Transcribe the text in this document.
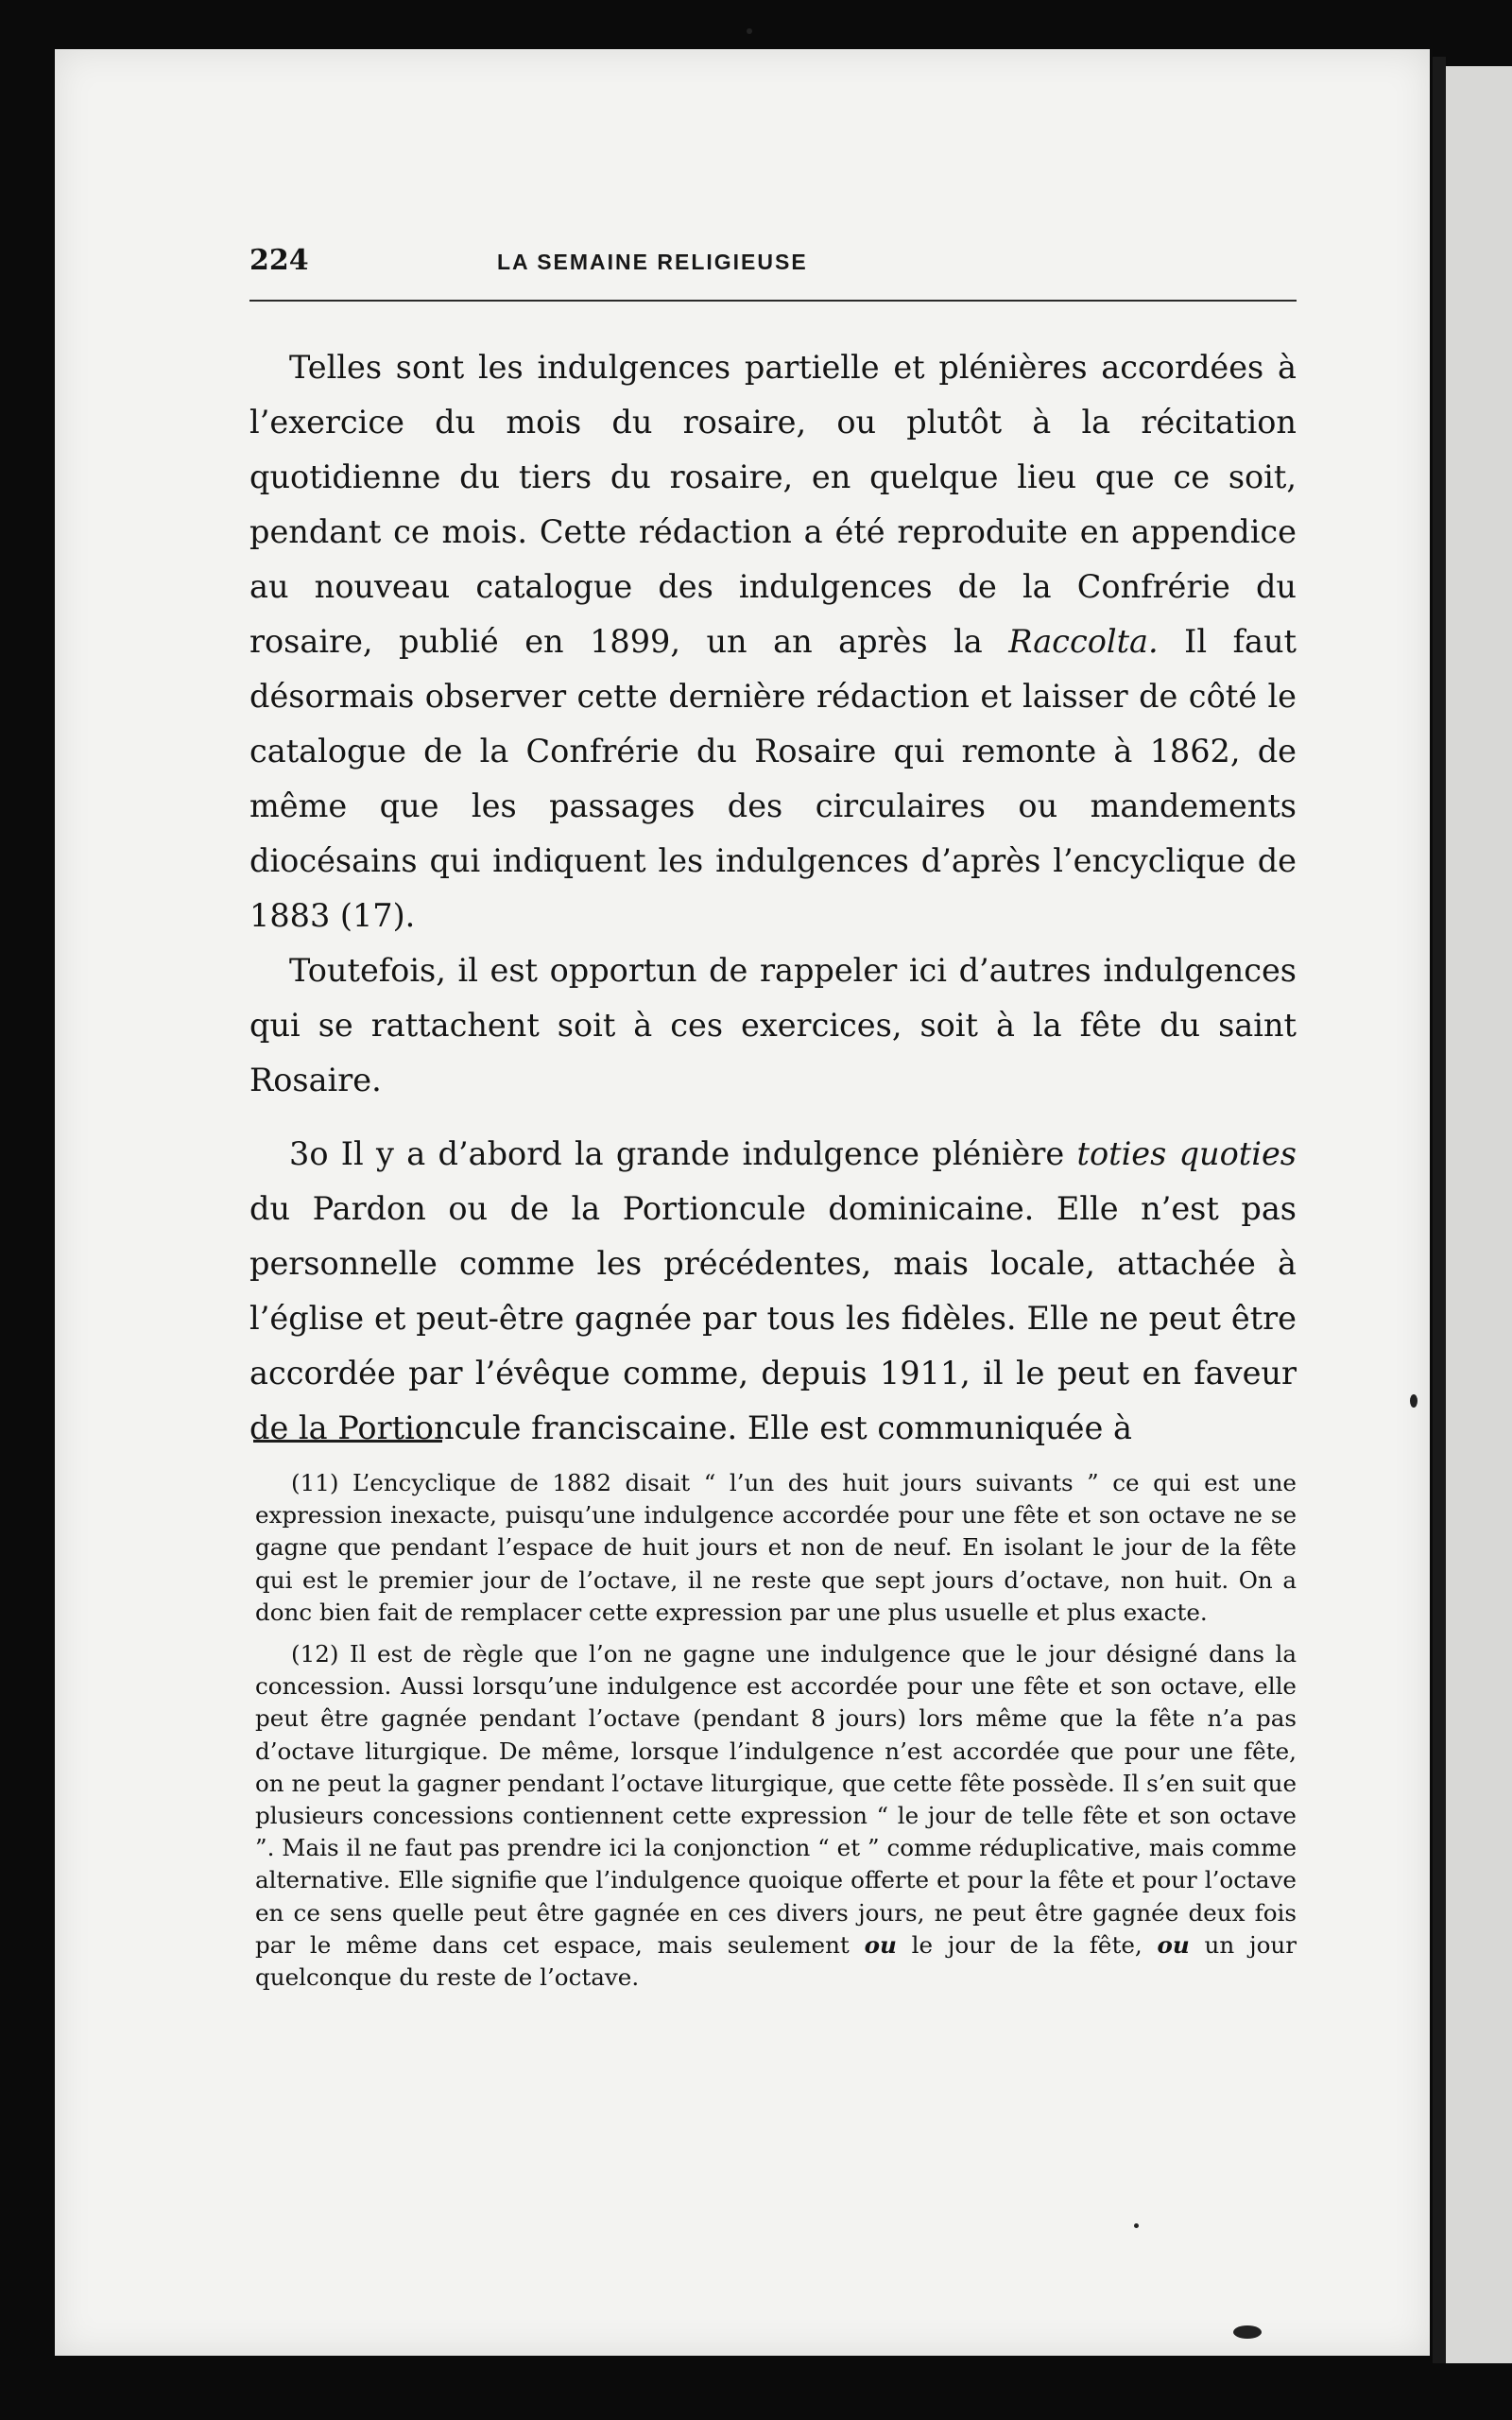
224	LA SEMAINE RELIGIEUSE

Telles sont les indulgences partielle et plénières accordées à l’exercice du mois du rosaire, ou plutôt à la récitation quotidienne du tiers du rosaire, en quelque lieu que ce soit, pendant ce mois. Cette rédaction a été reproduite en appendice au nouveau catalogue des indulgences de la Confrérie du rosaire, publié en 1899, un an après la Raccolta. Il faut désormais observer cette dernière rédaction et laisser de côté le catalogue de la Confrérie du Rosaire qui remonte à 1862, de même que les passages des circulaires ou mandements diocésains qui indiquent les indulgences d’après l’encyclique de 1883 (17).

Toutefois, il est opportun de rappeler ici d’autres indulgences qui se rattachent soit à ces exercices, soit à la fête du saint Rosaire.

3o Il y a d’abord la grande indulgence plénière toties quoties du Pardon ou de la Portioncule dominicaine. Elle n’est pas personnelle comme les précédentes, mais locale, attachée à l’église et peut-être gagnée par tous les fidèles. Elle ne peut être accordée par l’évêque comme, depuis 1911, il le peut en faveur de la Portioncule franciscaine. Elle est communiquée à

(11) L’encyclique de 1882 disait “ l’un des huit jours suivants ” ce qui est une expression inexacte, puisqu’une indulgence accordée pour une fête et son octave ne se gagne que pendant l’espace de huit jours et non de neuf. En isolant le jour de la fête qui est le premier jour de l’octave, il ne reste que sept jours d’octave, non huit. On a donc bien fait de remplacer cette expression par une plus usuelle et plus exacte.

(12) Il est de règle que l’on ne gagne une indulgence que le jour désigné dans la concession. Aussi lorsqu’une indulgence est accordée pour une fête et son octave, elle peut être gagnée pendant l’octave (pendant 8 jours) lors même que la fête n’a pas d’octave liturgique. De même, lorsque l’indulgence n’est accordée que pour une fête, on ne peut la gagner pendant l’octave liturgique, que cette fête possède. Il s’en suit que plusieurs concessions contiennent cette expression “ le jour de telle fête et son octave ”. Mais il ne faut pas prendre ici la conjonction “ et ” comme réduplicative, mais comme alternative. Elle signifie que l’indulgence quoique offerte et pour la fête et pour l’octave en ce sens quelle peut être gagnée en ces divers jours, ne peut être gagnée deux fois par le même dans cet espace, mais seulement ou le jour de la fête, ou un jour quelconque du reste de l’octave.
